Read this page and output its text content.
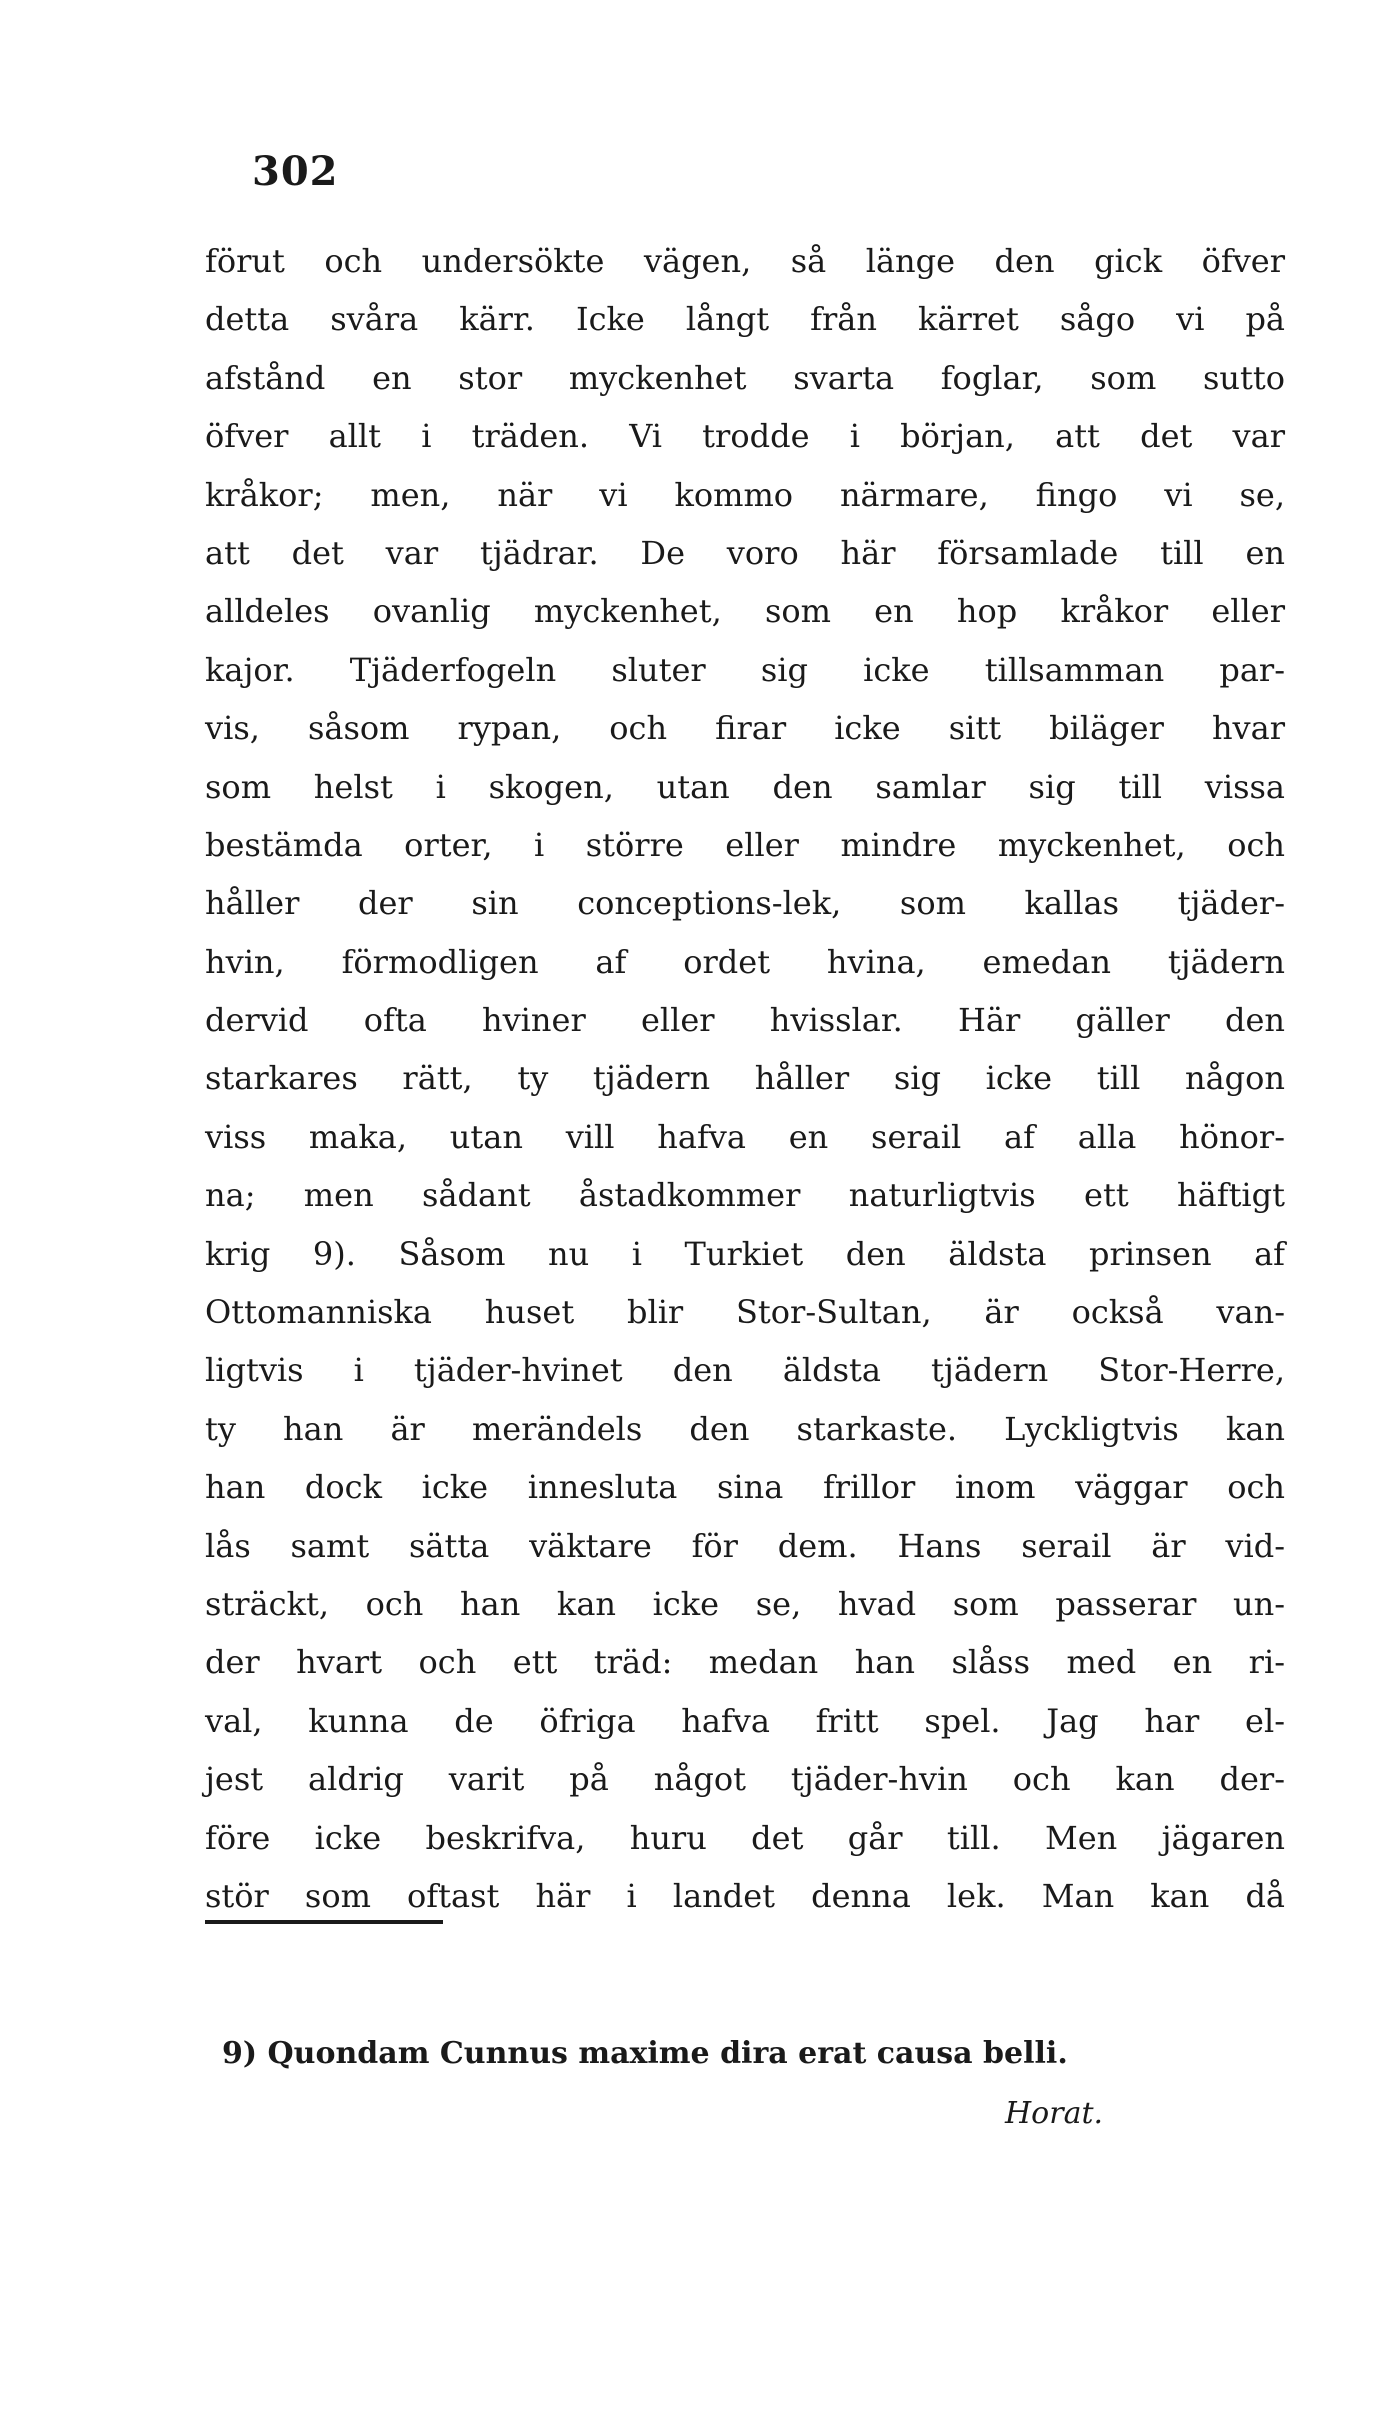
302
förut och undersökte vägen, så länge den gick öfver
detta svåra kärr. Icke långt från kärret sågo vi på
afstånd en stor myckenhet svarta foglar, som sutto
öfver allt i träden. Vi trodde i början, att det var
kråkor; men, när vi kommo närmare, fingo vi se,
att det var tjädrar. De voro här församlade till en
alldeles ovanlig myckenhet, som en hop kråkor eller
kajor. Tjäderfogeln sluter sig icke tillsamman par-
vis, såsom rypan, och firar icke sitt biläger hvar
som helst i skogen, utan den samlar sig till vissa
bestämda orter, i större eller mindre myckenhet, och
håller der sin conceptions-lek, som kallas tjäder-
hvin, förmodligen af ordet hvina, emedan tjädern
dervid ofta hviner eller hvisslar. Här gäller den
starkares rätt, ty tjädern håller sig icke till någon
viss maka, utan vill hafva en serail af alla hönor-
na; men sådant åstadkommer naturligtvis ett häftigt
krig 9). Såsom nu i Turkiet den äldsta prinsen af
Ottomanniska huset blir Stor-Sultan, är också van-
ligtvis i tjäder-hvinet den äldsta tjädern Stor-Herre,
ty han är merändels den starkaste. Lyckligtvis kan
han dock icke innesluta sina frillor inom väggar och
lås samt sätta väktare för dem. Hans serail är vid-
sträckt, och han kan icke se, hvad som passerar un-
der hvart och ett träd: medan han slåss med en ri-
val, kunna de öfriga hafva fritt spel. Jag har el-
jest aldrig varit på något tjäder-hvin och kan der-
före icke beskrifva, huru det går till. Men jägaren
stör som oftast här i landet denna lek. Man kan då
9) Quondam Cunnus maxime dira erat causa belli.
Horat.
